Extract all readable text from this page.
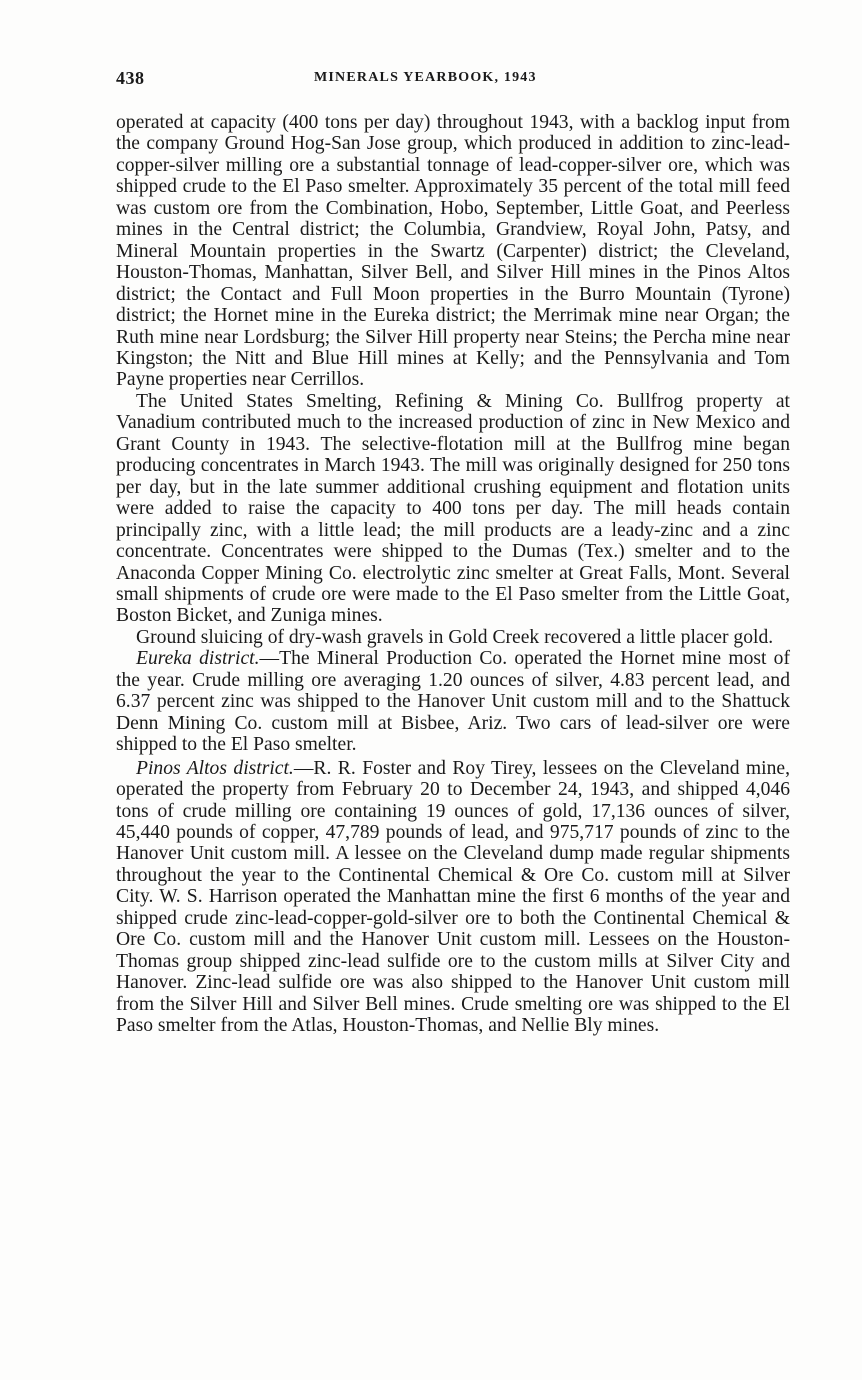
438	MINERALS YEARBOOK, 1943

operated at capacity (400 tons per day) throughout 1943, with a backlog input from the company Ground Hog-San Jose group, which produced in addition to zinc-lead-copper-silver milling ore a substantial tonnage of lead-copper-silver ore, which was shipped crude to the El Paso smelter. Approximately 35 percent of the total mill feed was custom ore from the Combination, Hobo, September, Little Goat, and Peerless mines in the Central district; the Columbia, Grandview, Royal John, Patsy, and Mineral Mountain properties in the Swartz (Carpenter) district; the Cleveland, Houston-Thomas, Manhattan, Silver Bell, and Silver Hill mines in the Pinos Altos district; the Contact and Full Moon properties in the Burro Mountain (Tyrone) district; the Hornet mine in the Eureka district; the Merrimak mine near Organ; the Ruth mine near Lordsburg; the Silver Hill property near Steins; the Percha mine near Kingston; the Nitt and Blue Hill mines at Kelly; and the Pennsylvania and Tom Payne properties near Cerrillos.

The United States Smelting, Refining & Mining Co. Bullfrog property at Vanadium contributed much to the increased production of zinc in New Mexico and Grant County in 1943. The selective-flotation mill at the Bullfrog mine began producing concentrates in March 1943. The mill was originally designed for 250 tons per day, but in the late summer additional crushing equipment and flotation units were added to raise the capacity to 400 tons per day. The mill heads contain principally zinc, with a little lead; the mill products are a leady-zinc and a zinc concentrate. Concentrates were shipped to the Dumas (Tex.) smelter and to the Anaconda Copper Mining Co. electrolytic zinc smelter at Great Falls, Mont. Several small shipments of crude ore were made to the El Paso smelter from the Little Goat, Boston Bicket, and Zuniga mines.

Ground sluicing of dry-wash gravels in Gold Creek recovered a little placer gold.

Eureka district.—The Mineral Production Co. operated the Hornet mine most of the year. Crude milling ore averaging 1.20 ounces of silver, 4.83 percent lead, and 6.37 percent zinc was shipped to the Hanover Unit custom mill and to the Shattuck Denn Mining Co. custom mill at Bisbee, Ariz. Two cars of lead-silver ore were shipped to the El Paso smelter.

Pinos Altos district.—R. R. Foster and Roy Tirey, lessees on the Cleveland mine, operated the property from February 20 to December 24, 1943, and shipped 4,046 tons of crude milling ore containing 19 ounces of gold, 17,136 ounces of silver, 45,440 pounds of copper, 47,789 pounds of lead, and 975,717 pounds of zinc to the Hanover Unit custom mill. A lessee on the Cleveland dump made regular shipments throughout the year to the Continental Chemical & Ore Co. custom mill at Silver City. W. S. Harrison operated the Manhattan mine the first 6 months of the year and shipped crude zinc-lead-copper-gold-silver ore to both the Continental Chemical & Ore Co. custom mill and the Hanover Unit custom mill. Lessees on the Houston-Thomas group shipped zinc-lead sulfide ore to the custom mills at Silver City and Hanover. Zinc-lead sulfide ore was also shipped to the Hanover Unit custom mill from the Silver Hill and Silver Bell mines. Crude smelting ore was shipped to the El Paso smelter from the Atlas, Houston-Thomas, and Nellie Bly mines.
